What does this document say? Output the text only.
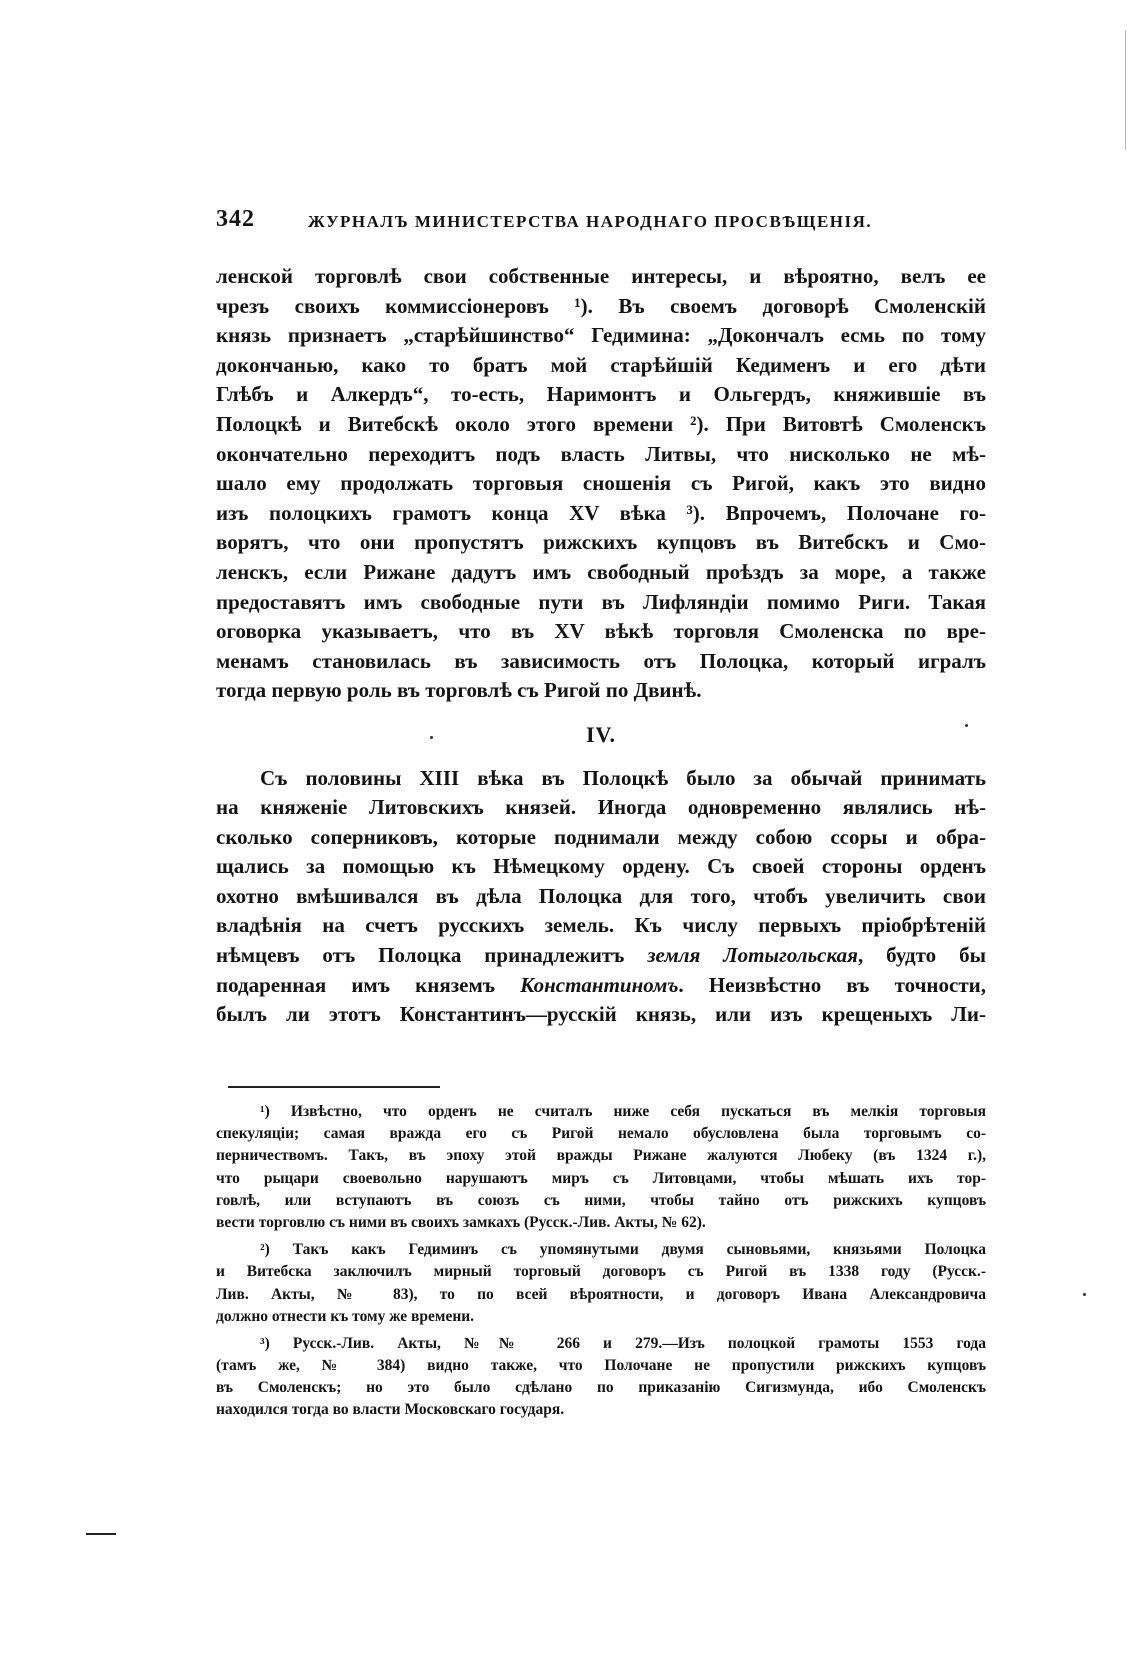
342	ЖУРНАЛЪ МИНИСТЕРСТВА НАРОДНАГО ПРОСВѢЩЕНІЯ.
ленской торговлѣ свои собственные интересы, и вѣроятно, велъ ее
чрезъ своихъ коммиссіонеровъ ¹). Въ своемъ договорѣ Смоленскій
князь признаетъ „старѣйшинство“ Гедимина: „Докончалъ есмь по тому
докончанью, како то братъ мой старѣйшій Кедименъ и его дѣти
Глѣбъ и Алкердъ“, то-есть, Наримонтъ и Ольгердъ, княжившіе въ
Полоцкѣ и Витебскѣ около этого времени ²). При Витовтѣ Смоленскъ
окончательно переходитъ подъ власть Литвы, что нисколько не мѣ-
шало ему продолжать торговыя сношенія съ Ригой, какъ это видно
изъ полоцкихъ грамотъ конца XV вѣка ³). Впрочемъ, Полочане го-
ворятъ, что они пропустятъ рижскихъ купцовъ въ Витебскъ и Смо-
ленскъ, если Рижане дадутъ имъ свободный проѣздъ за море, а также
предоставятъ имъ свободные пути въ Лифляндіи помимо Риги. Такая
оговорка указываетъ, что въ XV вѣкѣ торговля Смоленска по вре-
менамъ становилась въ зависимость отъ Полоцка, который игралъ
тогда первую роль въ торговлѣ съ Ригой по Двинѣ.
IV.
Съ половины XIII вѣка въ Полоцкѣ было за обычай принимать
на княженіе Литовскихъ князей. Иногда одновременно являлись нѣ-
сколько соперниковъ, которые поднимали между собою ссоры и обра-
щались за помощью къ Нѣмецкому ордену. Съ своей стороны орденъ
охотно вмѣшивался въ дѣла Полоцка для того, чтобъ увеличить свои
владѣнія на счетъ русскихъ земель. Къ числу первыхъ пріобрѣтеній
нѣмцевъ отъ Полоцка принадлежитъ земля Лотыгольская, будто бы
подаренная имъ княземъ Константиномъ. Неизвѣстно въ точности,
былъ ли этотъ Константинъ—русскій князь, или изъ крещеныхъ Ли-
¹) Извѣстно, что орденъ не считалъ ниже себя пускаться въ мелкія торговыя
спекуляціи; самая вражда его съ Ригой немало обусловлена была торговымъ со-
перничествомъ. Такъ, въ эпоху этой вражды Рижане жалуются Любеку (въ 1324 г.),
что рыцари своевольно нарушаютъ миръ съ Литовцами, чтобы мѣшать ихъ тор-
говлѣ, или вступаютъ въ союзъ съ ними, чтобы тайно отъ рижскихъ купцовъ
вести торговлю съ ними въ своихъ замкахъ (Русск.-Лив. Акты, № 62).
²) Такъ какъ Гедиминъ съ упомянутыми двумя сыновьями, князьями Полоцка
и Витебска заключилъ мирный торговый договоръ съ Ригой въ 1338 году (Русск.-
Лив. Акты, № 83), то по всей вѣроятности, и договоръ Ивана Александровича
должно отнести къ тому же времени.
³) Русск.-Лив. Акты, №№ 266 и 279.—Изъ полоцкой грамоты 1553 года
(тамъ же, № 384) видно также, что Полочане не пропустили рижскихъ купцовъ
въ Смоленскъ; но это было сдѣлано по приказанію Сигизмунда, ибо Смоленскъ
находился тогда во власти Московскаго государя.
